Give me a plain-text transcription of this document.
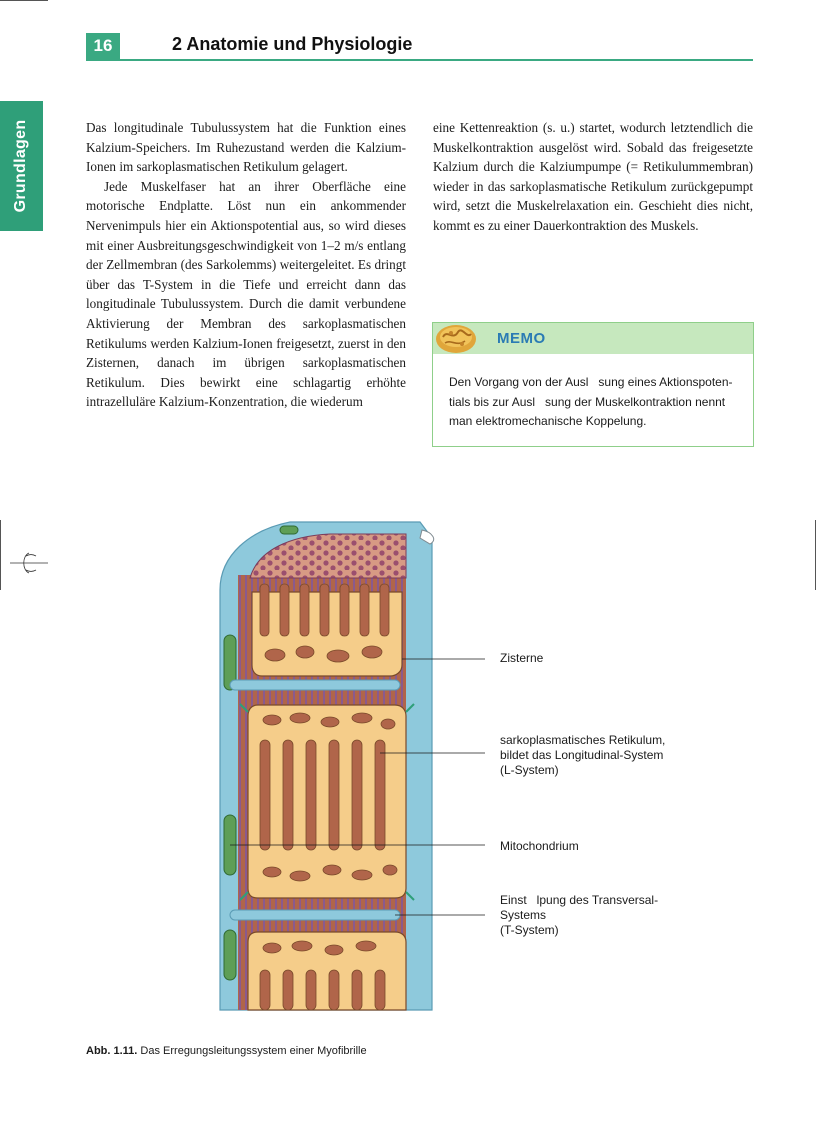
16	2 Anatomie und Physiologie
Grundlagen	Das longitudinale Tubulussystem hat die Funktion eines Kalzium-Speichers. Im Ruhezustand werden die Kalzium-Ionen im sarkoplasmatischen Retikulum gelagert.

Jede Muskelfaser hat an ihrer Oberfläche eine motorische Endplatte. Löst nun ein ankommender Nervenimpuls hier ein Aktionspotential aus, so wird dieses mit einer Ausbreitungsgeschwindigkeit von 1–2 m/s entlang der Zellmembran (des Sarkolemms) weitergeleitet. Es dringt über das T-System in die Tiefe und erreicht dann das longitudinale Tubulussystem. Durch die damit verbundene Aktivierung der Membran des sarkoplasmatischen Retikulums werden Kalzium-Ionen freigesetzt, zuerst in den Zisternen, danach im übrigen sarkoplasmatischen Retikulum. Dies bewirkt eine schlagartig erhöhte intrazelluläre Kalzium-Konzentration, die wiederum

eine Kettenreaktion (s. u.) startet, wodurch letztendlich die Muskelkontraktion ausgelöst wird. Sobald das freigesetzte Kalzium durch die Kalziumpumpe (= Retikulummembran) wieder in das sarkoplasmatische Retikulum zurückgepumpt wird, setzt die Muskelrelaxation ein. Geschieht dies nicht, kommt es zu einer Dauerkontraktion des Muskels.

MEMO
Den Vorgang von der Ausl   sung eines Aktionspoten-
tials bis zur Ausl   sung der Muskelkontraktion nennt
man elektromechanische Koppelung.
Zisterne
sarkoplasmatisches Retikulum,
bildet das Longitudinal-System
(L-System)
Mitochondrium
Einst   lpung des Transversal-
Systems
(T-System)
Abb. 1.11. Das Erregungsleitungssystem einer Myofibrille
